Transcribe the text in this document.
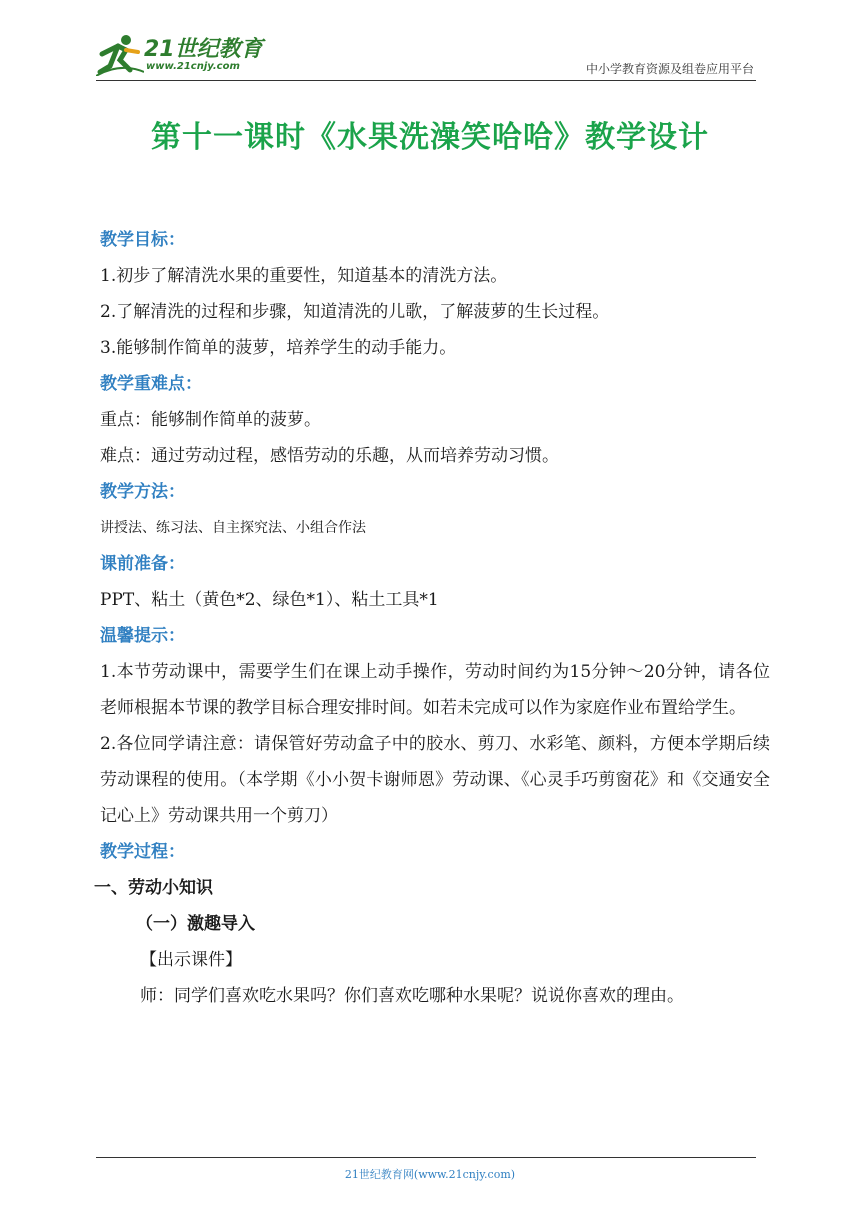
21世纪教育
www.21cnjy.com	中小学教育资源及组卷应用平台
第十一课时《水果洗澡笑哈哈》教学设计

教学目标：

1.初步了解清洗水果的重要性，知道基本的清洗方法。

2.了解清洗的过程和步骤，知道清洗的儿歌，了解菠萝的生长过程。

3.能够制作简单的菠萝，培养学生的动手能力。

教学重难点：

重点：能够制作简单的菠萝。

难点：通过劳动过程，感悟劳动的乐趣，从而培养劳动习惯。

教学方法：

讲授法、练习法、自主探究法、小组合作法

课前准备：

PPT、粘土（黄色*2、绿色*1）、粘土工具*1

温馨提示：

1.本节劳动课中，需要学生们在课上动手操作，劳动时间约为15分钟～20分钟，请各位老师根据本节课的教学目标合理安排时间。如若未完成可以作为家庭作业布置给学生。

2.各位同学请注意：请保管好劳动盒子中的胶水、剪刀、水彩笔、颜料，方便本学期后续劳动课程的使用。（本学期《小小贺卡谢师恩》劳动课、《心灵手巧剪窗花》和《交通安全记心上》劳动课共用一个剪刀）

教学过程：

一、劳动小知识

（一）激趣导入

【出示课件】

师：同学们喜欢吃水果吗？你们喜欢吃哪种水果呢？说说你喜欢的理由。

21世纪教育网(www.21cnjy.com)
